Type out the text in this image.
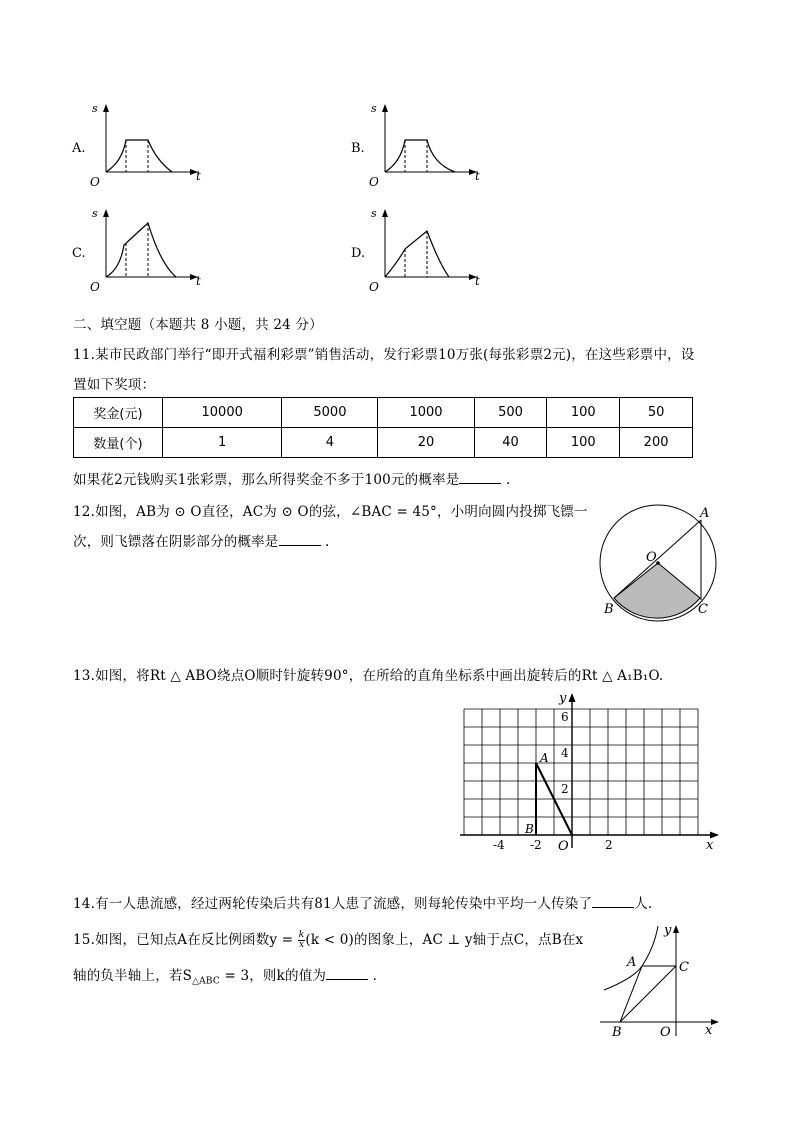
A.
s
t
O
B.
s
t
O
C.
s
t
O
D.
s
t
O
二、填空题（本题共 8 小题，共 24 分）
11.某市民政部门举行“即开式福利彩票”销售活动，发行彩票10万张(每张彩票2元)，在这些彩票中，设
置如下奖项：
奖金(元)	10000	5000	1000	500	100	50
数量(个)	1	4	20	40	100	200
如果花2元钱购买1张彩票，那么所得奖金不多于100元的概率是	.
12.如图，AB为 ⊙ O直径，AC为 ⊙ O的弦，∠BAC = 45°，小明向圆内投掷飞镖一
次，则飞镖落在阴影部分的概率是	.
O
A
B	C
13.如图，将Rt △ ABO绕点O顺时针旋转90°，在所给的直角坐标系中画出旋转后的Rt △ A₁B₁O.
y
x
O
A
B
-4 -2	2
6
4
2
14.有一人患流感，经过两轮传染后共有81人患了流感，则每轮传染中平均一人传染了	人.
15.如图，已知点A在反比例函数$y = \frac{k}{x} (k < 0)$的图象上，AC ⊥ y轴于点C，点B在x
轴的负半轴上，若$S_{\triangle ABC} = 3$，则k的值为	.
A	C
B	O	x
y
